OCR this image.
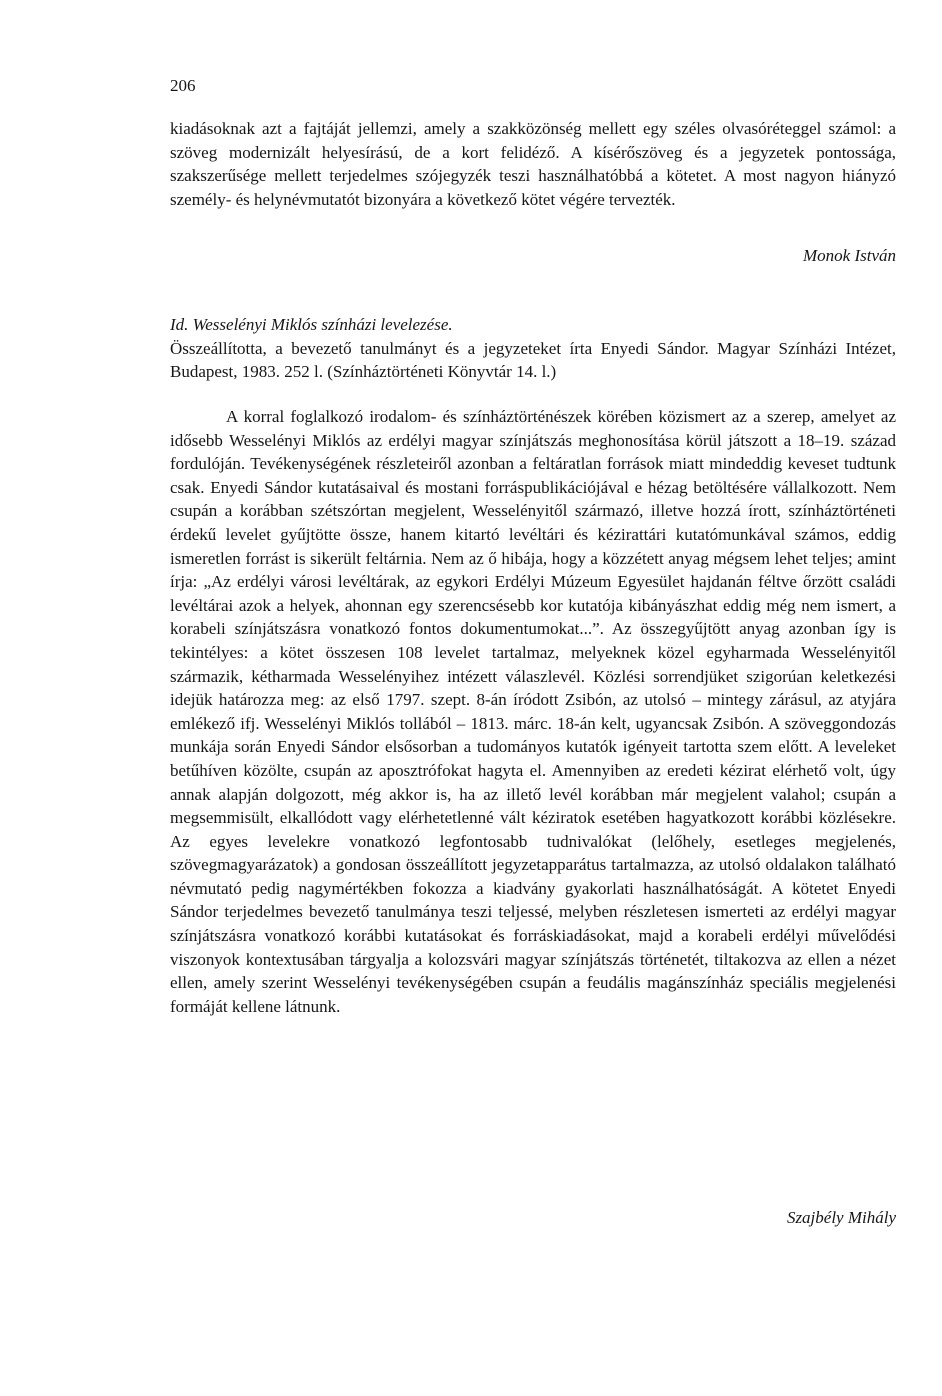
206
kiadásoknak azt a fajtáját jellemzi, amely a szakközönség mellett egy széles olvasóréteggel számol: a szöveg modernizált helyesírású, de a kort felidéző. A kísérőszöveg és a jegyzetek pontossága, szakszerűsége mellett terjedelmes szójegyzék teszi használhatóbbá a kötetet. A most nagyon hiányzó személy- és helynévmutatót bizonyára a következő kötet végére tervezték.
Monok István
Id. Wesselényi Miklós színházi levelezése.
Összeállította, a bevezető tanulmányt és a jegyzeteket írta Enyedi Sándor. Magyar Színházi Intézet, Budapest, 1983. 252 l. (Színháztörténeti Könyvtár 14. l.)
A korral foglalkozó irodalom- és színháztörténészek körében közismert az a szerep, amelyet az idősebb Wesselényi Miklós az erdélyi magyar színjátszás meghonosítása körül játszott a 18–19. század fordulóján. Tevékenységének részleteiről azonban a feltáratlan források miatt mindeddig keveset tudtunk csak. Enyedi Sándor kutatásaival és mostani forráspublikációjával e hézag betöltésére vállalkozott. Nem csupán a korábban szétszórtan megjelent, Wesselényitől származó, illetve hozzá írott, színháztörténeti érdekű levelet gyűjtötte össze, hanem kitartó levéltári és kézirattári kutatómunkával számos, eddig ismeretlen forrást is sikerült feltárnia. Nem az ő hibája, hogy a közzétett anyag mégsem lehet teljes; amint írja: „Az erdélyi városi levéltárak, az egykori Erdélyi Múzeum Egyesület hajdanán féltve őrzött családi levéltárai azok a helyek, ahonnan egy szerencsésebb kor kutatója kibányászhat eddig még nem ismert, a korabeli színjátszásra vonatkozó fontos dokumentumokat...”. Az összegyűjtött anyag azonban így is tekintélyes: a kötet összesen 108 levelet tartalmaz, melyeknek közel egyharmada Wesselényitől származik, kétharmada Wesselényihez intézett válaszlevél. Közlési sorrendjüket szigorúan keletkezési idejük határozza meg: az első 1797. szept. 8-án íródott Zsibón, az utolsó – mintegy zárásul, az atyjára emlékező ifj. Wesselényi Miklós tollából – 1813. márc. 18-án kelt, ugyancsak Zsibón. A szöveggondozás munkája során Enyedi Sándor elsősorban a tudományos kutatók igényeit tartotta szem előtt. A leveleket betűhíven közölte, csupán az aposztrófokat hagyta el. Amennyiben az eredeti kézirat elérhető volt, úgy annak alapján dolgozott, még akkor is, ha az illető levél korábban már megjelent valahol; csupán a megsemmisült, elkallódott vagy elérhetetlenné vált kéziratok esetében hagyatkozott korábbi közlésekre. Az egyes levelekre vonatkozó legfontosabb tudnivalókat (lelőhely, esetleges megjelenés, szövegmagyarázatok) a gondosan összeállított jegyzetapparátus tartalmazza, az utolsó oldalakon található névmutató pedig nagymértékben fokozza a kiadvány gyakorlati használhatóságát. A kötetet Enyedi Sándor terjedelmes bevezető tanulmánya teszi teljessé, melyben részletesen ismerteti az erdélyi magyar színjátszásra vonatkozó korábbi kutatásokat és forráskiadásokat, majd a korabeli erdélyi művelődési viszonyok kontextusában tárgyalja a kolozsvári magyar színjátszás történetét, tiltakozva az ellen a nézet ellen, amely szerint Wesselényi tevékenységében csupán a feudális magánszínház speciális megjelenési formáját kellene látnunk.
Szajbély Mihály
